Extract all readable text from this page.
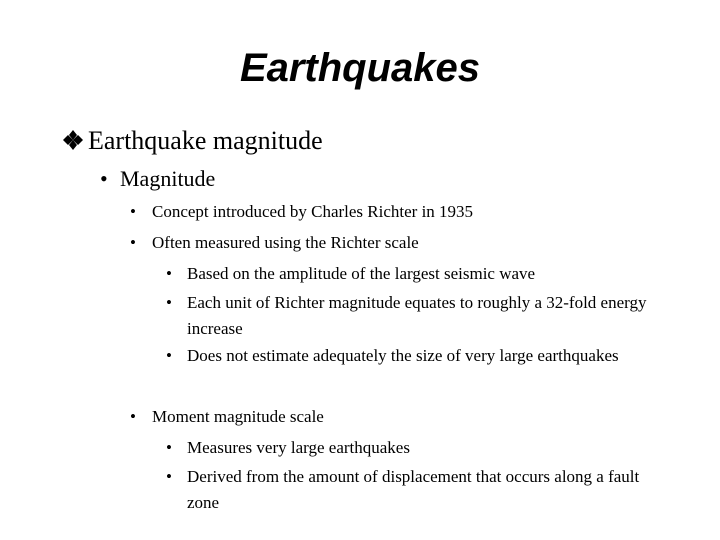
Earthquakes
Earthquake magnitude
• Magnitude
• Concept introduced by Charles Richter in 1935
• Often measured using the Richter scale
• Based on the amplitude of the largest seismic wave
• Each unit of Richter magnitude equates to roughly a 32-fold energy increase
• Does not estimate adequately the size of very large earthquakes
• Moment magnitude scale
• Measures very large earthquakes
• Derived from the amount of displacement that occurs along a fault zone
